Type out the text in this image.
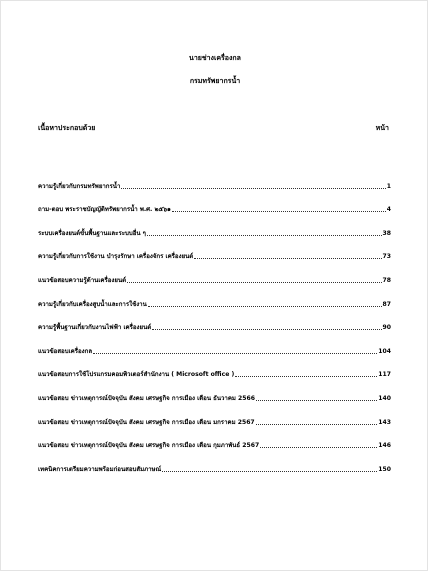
นายช่างเครื่องกล
กรมทรัพยากรน้ำ
เนื้อหาประกอบด้วย	หน้า
ความรู้เกี่ยวกับกรมทรัพยากรน้ำ	1
ถาม-ตอบ พระราชบัญญัติทรัพยากรน้ำ พ.ศ. ๒๕๖๑	4
ระบบเครื่องยนต์ขั้นพื้นฐานและระบบอื่น ๆ	38
ความรู้เกี่ยวกับการใช้งาน บำรุงรักษา เครื่องจักร เครื่องยนต์	73
แนวข้อสอบความรู้ด้านเครื่องยนต์	78
ความรู้เกี่ยวกับเครื่องสูบน้ำและการใช้งาน	87
ความรู้พื้นฐานเกี่ยวกับงานไฟฟ้า เครื่องยนต์	90
แนวข้อสอบเครื่องกล	104
แนวข้อสอบการใช้โปรแกรมคอมพิวเตอร์สำนักงาน ( Microsoft office )	117
แนวข้อสอบ ข่าวเหตุการณ์ปัจจุบัน สังคม เศรษฐกิจ การเมือง เดือน ธันวาคม 2566	140
แนวข้อสอบ ข่าวเหตุการณ์ปัจจุบัน สังคม เศรษฐกิจ การเมือง เดือน มกราคม 2567	143
แนวข้อสอบ ข่าวเหตุการณ์ปัจจุบัน สังคม เศรษฐกิจ การเมือง เดือน กุมภาพันธ์ 2567	146
เทคนิคการเตรียมความพร้อมก่อนสอบสัมภาษณ์	150
